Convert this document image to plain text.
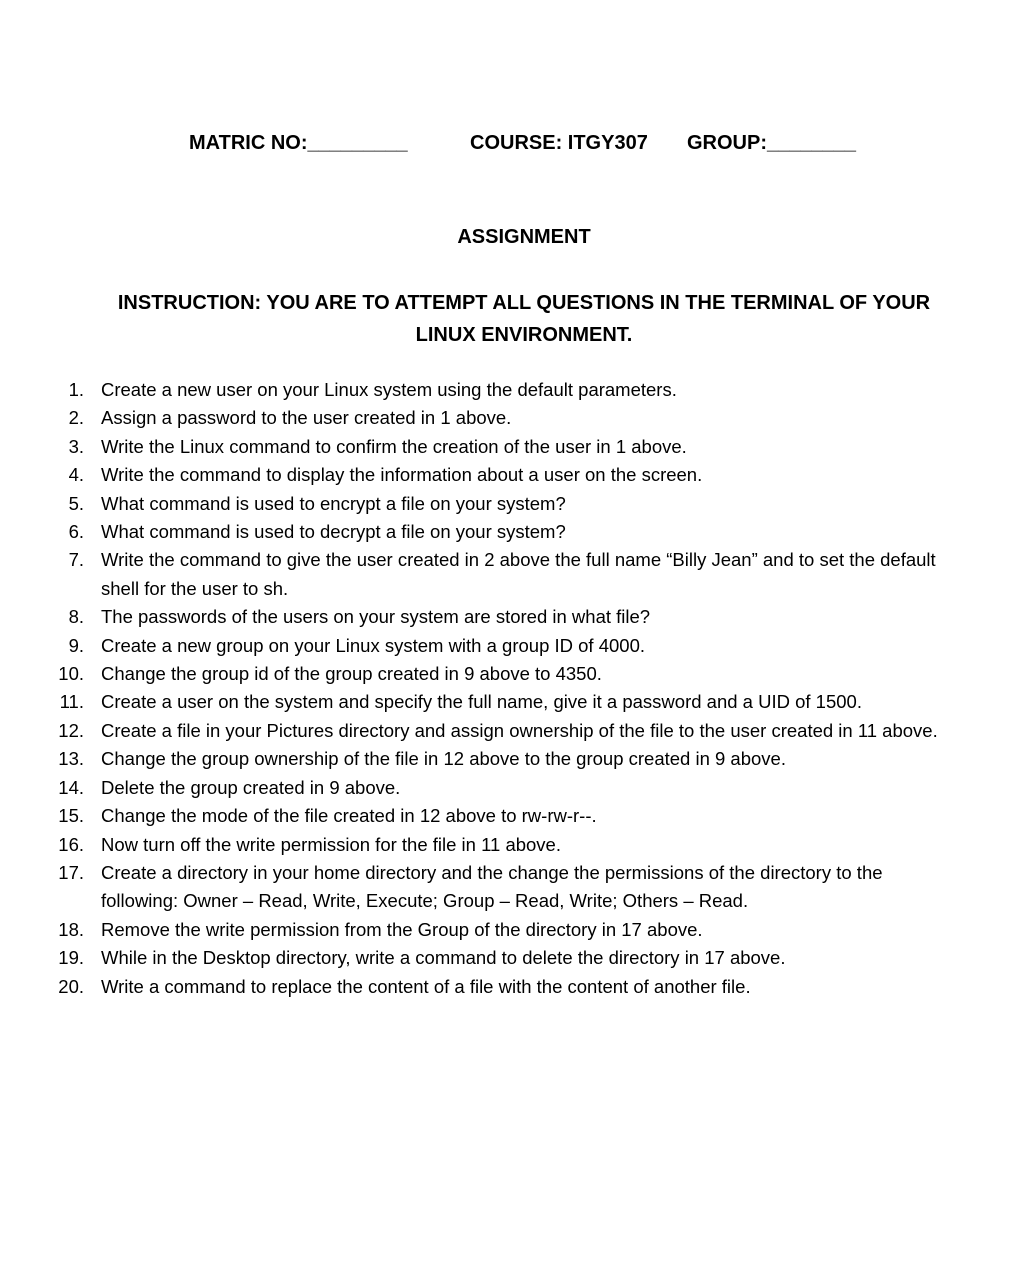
MATRIC NO:_________	COURSE: ITGY307 GROUP:________
ASSIGNMENT
INSTRUCTION: YOU ARE TO ATTEMPT ALL QUESTIONS IN THE TERMINAL OF YOUR LINUX ENVIRONMENT.
1. Create a new user on your Linux system using the default parameters.
2. Assign a password to the user created in 1 above.
3. Write the Linux command to confirm the creation of the user in 1 above.
4. Write the command to display the information about a user on the screen.
5. What command is used to encrypt a file on your system?
6. What command is used to decrypt a file on your system?
7. Write the command to give the user created in 2 above the full name “Billy Jean” and to set the default shell for the user to sh.
8. The passwords of the users on your system are stored in what file?
9. Create a new group on your Linux system with a group ID of 4000.
10. Change the group id of the group created in 9 above to 4350.
11. Create a user on the system and specify the full name, give it a password and a UID of 1500.
12. Create a file in your Pictures directory and assign ownership of the file to the user created in 11 above.
13. Change the group ownership of the file in 12 above to the group created in 9 above.
14. Delete the group created in 9 above.
15. Change the mode of the file created in 12 above to rw-rw-r--.
16. Now turn off the write permission for the file in 11 above.
17. Create a directory in your home directory and the change the permissions of the directory to the following: Owner – Read, Write, Execute; Group – Read, Write; Others – Read.
18. Remove the write permission from the Group of the directory in 17 above.
19. While in the Desktop directory, write a command to delete the directory in 17 above.
20. Write a command to replace the content of a file with the content of another file.
